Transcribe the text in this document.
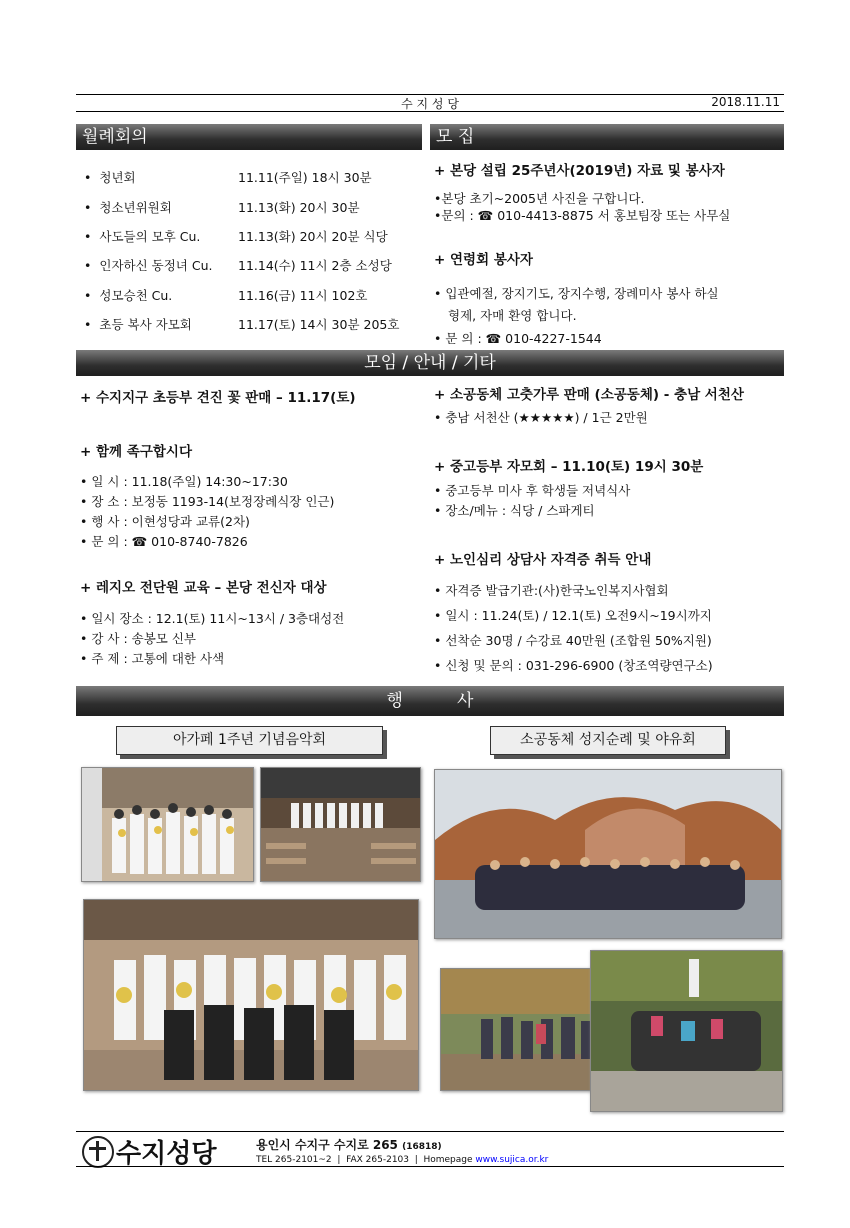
수 지 성 당	2018.11.11
월례회의
• 청년회	11.11(주일) 18시 30분
• 청소년위원회	11.13(화) 20시 30분
• 사도들의 모후 Cu.	11.13(화) 20시 20분 식당
• 인자하신 동정녀 Cu. 11.14(수) 11시 2층 소성당
• 성모승천 Cu.	11.16(금) 11시 102호
• 초등 복사 자모회	11.17(토) 14시 30분 205호
모 집
+ 본당 설립 25주년사(2019년) 자료 및 봉사자
•본당 초기~2005년 사진을 구합니다.
•문의 : ☎ 010-4413-8875 서 홍보팀장 또는 사무실
+ 연령회 봉사자
• 입관예절, 장지기도, 장지수행, 장례미사 봉사 하실
형제, 자매 환영 합니다.
• 문 의 : ☎ 010-4227-1544
모임 / 안내 / 기타
+ 수지지구 초등부 견진 꽃 판매 – 11.17(토)
+ 함께 족구합시다
• 일 시 : 11.18(주일) 14:30~17:30
• 장 소 : 보정동 1193-14(보정장례식장 인근)
• 행 사 : 이현성당과 교류(2차)
• 문 의 : ☎ 010-8740-7826
+ 레지오 전단원 교육 – 본당 전신자 대상
• 일시 장소 : 12.1(토) 11시~13시 / 3층대성전
• 강 사 : 송봉모 신부
• 주 제 : 고통에 대한 사색
+ 소공동체 고춧가루 판매 (소공동체) - 충남 서천산
• 충남 서천산 (★★★★★) / 1근 2만원
+ 중고등부 자모회 – 11.10(토) 19시 30분
• 중고등부 미사 후 학생들 저녁식사
• 장소/메뉴 : 식당 / 스파게티
+ 노인심리 상담사 자격증 취득 안내
• 자격증 발급기관:(사)한국노인복지사협회
• 일시 : 11.24(토) / 12.1(토) 오전9시~19시까지
• 선착순 30명 / 수강료 40만원 (조합원 50%지원)
• 신청 및 문의 : 031-296-6900 (창조역량연구소)
행          사
아가페 1주년 기념음악회	소공동체 성지순례 및 야유회
수지성당	용인시 수지구 수지로 265 (16818)
TEL 265-2101~2  |  FAX 265-2103  |  Homepage www.sujica.or.kr
